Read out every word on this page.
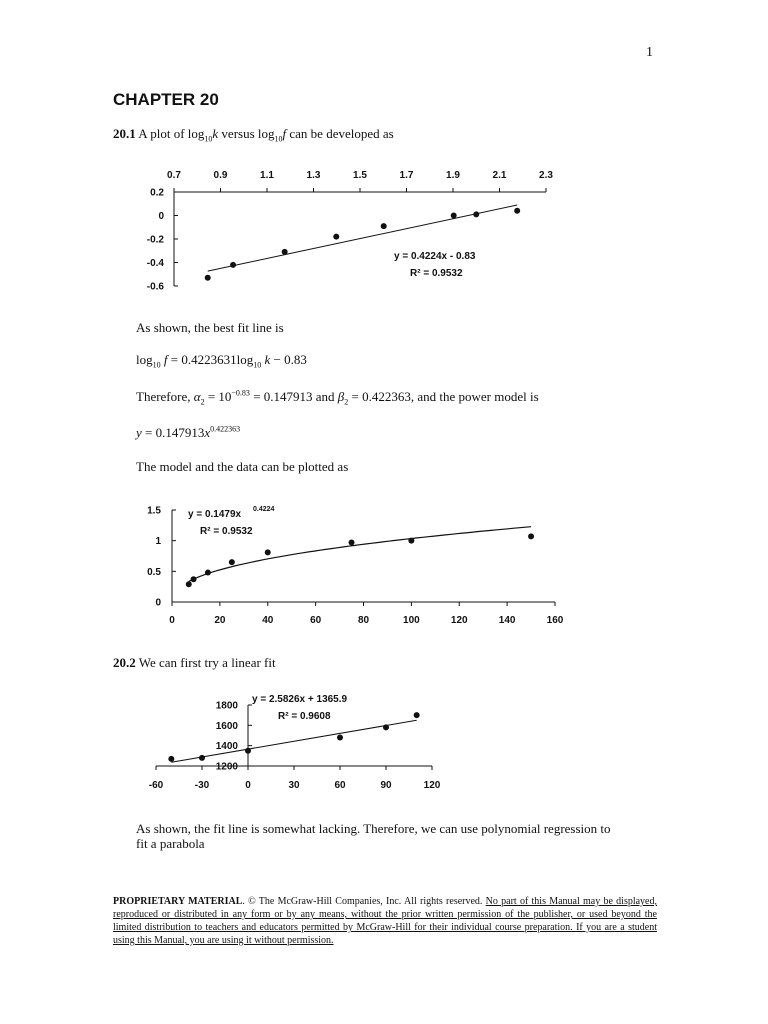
1
CHAPTER 20
20.1 A plot of $\log_{10}k$ versus $\log_{10}f$ can be developed as
0.7	0.9	1.1	1.3	1.5	1.7	1.9	2.1	2.3
0.2
0
-0.2
-0.4
-0.6
y = 0.4224x - 0.83
R² = 0.9532
As shown, the best fit line is
$\log_{10} f = 0.4223631\log_{10}$ k − 0.83
Therefore, $\alpha_2 = 10^{-0.83} = 0.147913$ and $\beta_2 = 0.422363$, and the power model is
$y = 0.147913x^{0.422363}$
The model and the data can be plotted as
0	20	40	60	80	100	120	140	160
1.5
1
0.5
0
y = 0.1479x 0.4224
R² = 0.9532
20.2 We can first try a linear fit
-60	-30	0	30	60	90	120
1800
1600
1400
1200
y = 2.5826x + 1365.9
R² = 0.9608
As shown, the fit line is somewhat lacking. Therefore, we can use polynomial regression to
fit a parabola
PROPRIETARY MATERIAL. © The McGraw-Hill Companies, Inc. All rights reserved. No part of this Manual may be displayed, reproduced or distributed in any form or by any means, without the prior written permission of the publisher, or used beyond the limited distribution to teachers and educators permitted by McGraw-Hill for their individual course preparation. If you are a student using this Manual, you are using it without permission.
